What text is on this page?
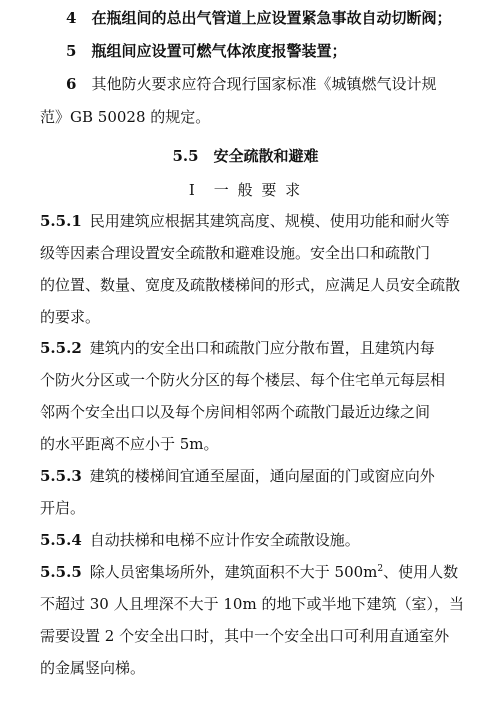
4　 在瓶组间的总出气管道上应设置紧急事故自动切断阀；
5　 瓶组间应设置可燃气体浓度报警装置；
6　 其他防火要求应符合现行国家标准《城镇燃气设计规
范》GB 50028 的规定。
5.5　安全疏散和避难
Ⅰ　一 般 要 求
5.5.1 民用建筑应根据其建筑高度、规模、使用功能和耐火等
级等因素合理设置安全疏散和避难设施。安全出口和疏散门
的位置、数量、宽度及疏散楼梯间的形式，应满足人员安全疏散
的要求。
5.5.2 建筑内的安全出口和疏散门应分散布置，且建筑内每
个防火分区或一个防火分区的每个楼层、每个住宅单元每层相
邻两个安全出口以及每个房间相邻两个疏散门最近边缘之间
的水平距离不应小于 5m。
5.5.3 建筑的楼梯间宜通至屋面，通向屋面的门或窗应向外
开启。
5.5.4 自动扶梯和电梯不应计作安全疏散设施。
5.5.5 除人员密集场所外，建筑面积不大于 $500m^2$、使用人数
不超过 30 人且埋深不大于 10m 的地下或半地下建筑（室），当
需要设置 2 个安全出口时，其中一个安全出口可利用直通室外
的金属竖向梯。
